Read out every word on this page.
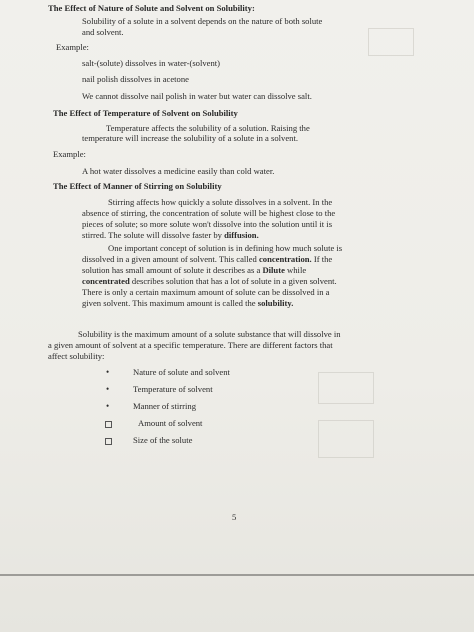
The Effect of Nature of Solute and Solvent on Solubility:
Solubility of a solute in a solvent depends on the nature of both solute
and solvent.
Example:
salt-(solute) dissolves in water-(solvent)
nail polish dissolves in acetone
We cannot dissolve nail polish in water but water can dissolve salt.
The Effect of Temperature of Solvent on Solubility
Temperature affects the solubility of a solution. Raising the
temperature will increase the solubility of a solute in a solvent.
Example:
A hot water dissolves a medicine easily than cold water.
The Effect of Manner of Stirring on Solubility
Stirring affects how quickly a solute dissolves in a solvent. In the
absence of stirring, the concentration of solute will be highest close to the
pieces of solute; so more solute won't dissolve into the solution until it is
stirred. The solute will dissolve faster by diffusion.
One important concept of solution is in defining how much solute is
dissolved in a given amount of solvent. This called concentration. If the
solution has small amount of solute it describes as a Dilute while
concentrated describes solution that has a lot of solute in a given solvent.
There is only a certain maximum amount of solute can be dissolved in a
given solvent. This maximum amount is called the solubility.
Solubility is the maximum amount of a solute substance that will dissolve in
a given amount of solvent at a specific temperature. There are different factors that
affect solubility:
•	Nature of solute and solvent
•	Temperature of solvent
•	Manner of stirring
Amount of solvent
Size of the solute
5
